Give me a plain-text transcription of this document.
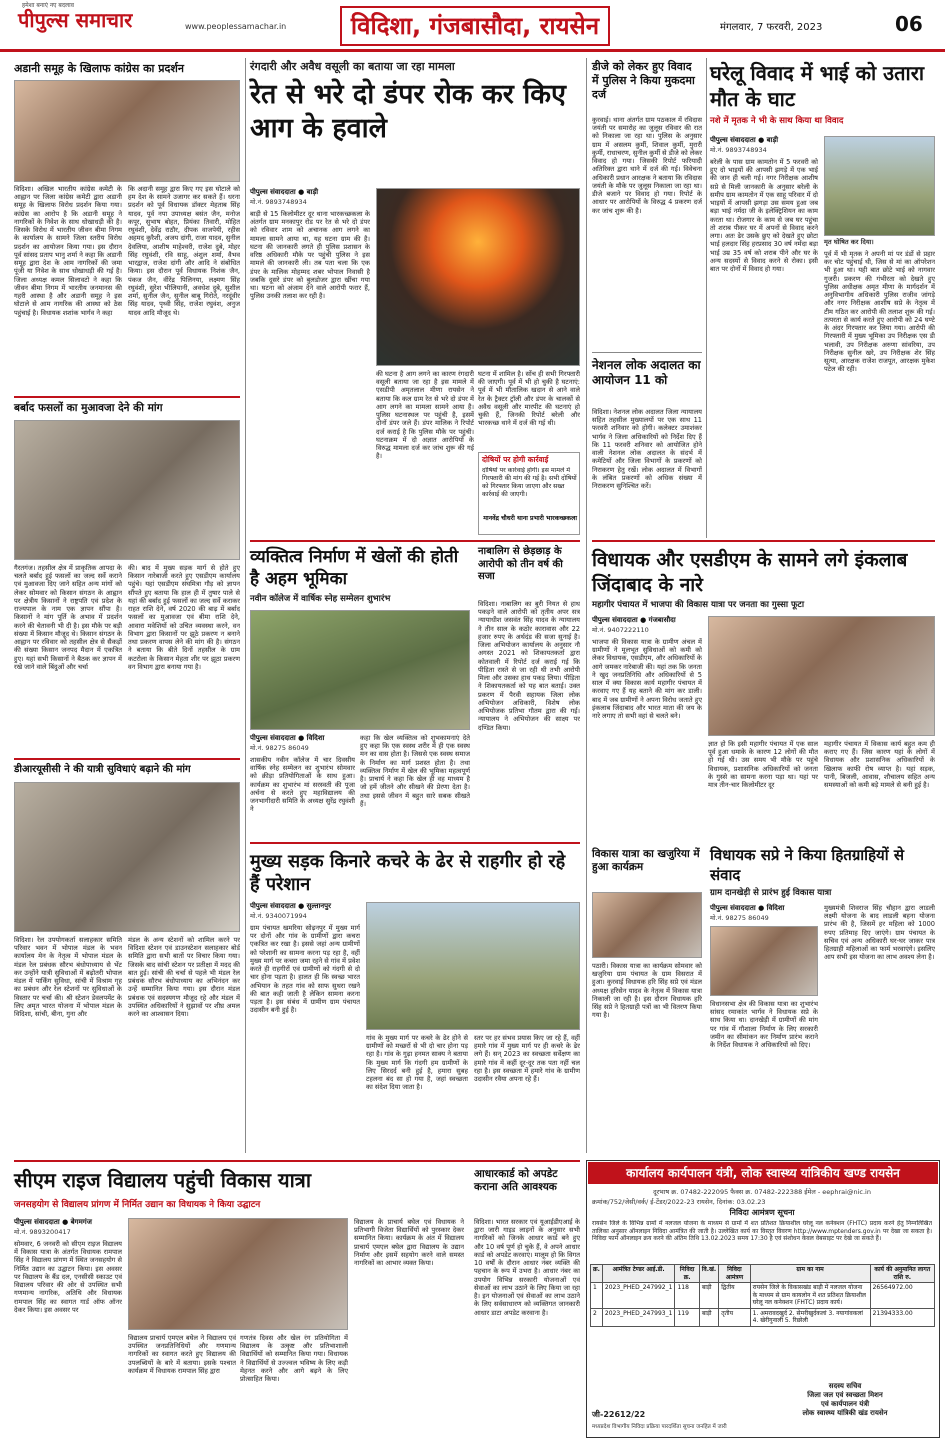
हमेशा बनाएं नए बदलाव
पीपुल्स समाचार	www.peoplessamachar.in	विदिशा, गंजबासौदा, रायसेन	मंगलवार, 7 फरवरी, 2023	06
अडानी समूह के खिलाफ कांग्रेस का प्रदर्शन
विदिशा। अखिल भारतीय कांग्रेस कमेटी के आह्वान पर जिला कांग्रेस कमेटी द्वारा अडानी समूह के खिलाफ विरोध प्रदर्शन किया गया। कांग्रेस का आरोप है कि अडानी समूह ने नागरिकों के निवेश के साथ धोखाधड़ी की है। जिसके विरोध में भारतीय जीवन बीमा निगम के कार्यालय के सामने जिला स्तरीय विरोध प्रदर्शन का आयोजन किया गया। इस दौरान पूर्व सांसद प्रताप भानु शर्मा ने कहा कि अडानी समूह द्वारा देश के आम नागरिकों की जमा पूंजी या निवेश के साथ धोखाधड़ी की गई है। जिला अध्यक्ष कमल सिलावटो ने कहा कि जीवन बीमा निगम में भारतीय जनमानस की गहरी आस्था है और अडानी समूह ने इस घोटाले से आम नागरिक की आस्था को ठेस पहुंचाई है। विधायक शशांक भार्गव ने कहा
कि अदानी समूह द्वारा किए गए इस घोटाले को हम देश के सामने उजागर कर सकते हैं। धरना प्रदर्शन को पूर्व विधायक डॉक्टर मेहताब सिंह यादव, पूर्व नपा उपाध्यक्ष बसंत जैन, मनोज कपूर, सुभाष बोहत, प्रियंका तिवारी, मोहित रघुवंशी, देवेंद्र राठौर, दीपक वाजपेयी, रहीस अहमद कुरैशी, अजय दांगी, राजा यादव, सुनील देवलिया, आशीष माहेश्वरी, राजेश दुबे, मोहर सिंह रघुवंशी, रवि साहू, अंशुल शर्मा, वैभव भारद्वाज, राजेश दांगी और आदि ने संबोधित किया। इस दौरान पूर्व विधायक निशंक जैन, पंकज जैन, वीरेंद्र पिलिनया, लक्ष्मण सिंह रघुवंशी, सुरेश भीलियानी, अवधेश दुबे, सुशील शर्मा, सुनील जैन, सुनील बाबू गिरोते, नरदूंवीर सिंह यादव, पृथ्वी सिंह, राजेश रघुवंश, अनुज यादव आदि मौजूद थे।
बर्बाद फसलों का मुआवजा देने की मांग
गैरतगंज। तहसील क्षेत्र में प्राकृतिक आपदा के चलते बर्बाद हुई फसलों का जल्द सर्वे कराने एवं मुआवजा दिए जाने सहित अन्य मांगों को लेकर सोमवार को किसान संगठन के आह्वान पर क्षेत्रीय किसानों ने राष्ट्रपति एवं प्रदेश के राज्यपाल के नाम एक ज्ञापन सौंपा है। किसानों ने मांग पूर्ति के अभाव में प्रदर्शन करने की चेतावनी भी दी है। इस मौके पर बड़ी संख्या में किसान मौजूद थे। किसान संगठन के आह्वान पर रविवार को तहसील क्षेत्र से सैकड़ों की संख्या किसान जनपद मैदान में एकत्रित हुए। यहां सभी किसानों ने बैठक कर ज्ञापन में रखे जाने वाले बिंदुओं और चर्चा
की। बाद में मुख्य सड़क मार्ग से होते हुए किसान नारेबाजी करते हुए एसडीएम कार्यालय पहुंचे। यहां एसडीएम संघमित्रा गौड़ को ज्ञापन सौंपते हुए बताया कि हाल ही में तुषार पाले से यहां की बर्बाद हुई फसलों का जल्द सर्वे कराकर राहत राशि देने, वर्ष 2020 की बाढ़ में बर्बाद फसलों का मुआवजा एवं बीमा राशि देने, आवारा मवेशियों को उचित व्यवस्था करने, वन विभाग द्वारा किसानों पर झूठे प्रकरण न बनाने तथा प्रकरण वापस लेने की मांग की है। संगठन ने बताया कि बीते दिनों तहसील के ग्राम कटरोला के किसान मेहता शीर पर झूठा प्रकरण वन विभाग द्वारा बनाया गया है।
डीआरयूसीसी ने की यात्री सुविधाएं बढ़ाने की मांग
विदिशा। रेल उपयोगकर्ता सलाहकार समिति परिवार भवन में भोपाल मंडल के भवन कार्यालय मेन के नेतृत्व में भोपाल मंडल के मंडल रेल प्रबंधक सौरभ बंधोपाध्याय से भेंट कर उन्होंने यात्री सुविधाओं में बढ़ोतरी भोपाल मंडल में पार्किंग सुविधा, सांची में विश्राम गृह का प्रबंधन और रेल स्टेशनों पर सुविधाओं के विस्तार पर चर्चा की। श्री स्टेशन डेवलपमेंट के लिए अमृत भारत योजना में भोपाल मंडल के विदिशा, सांची, बीना, गुना और
मंडल के अन्य स्टेशनों को शामिल करने पर विदिशा स्टेशन एवं डाउनस्टेशन सलाहकार बोर्ड समिति द्वारा सभी बातों पर विचार किया गया। जिसके बाद सांची स्टेशन पर प्रतीक्षा में मदद की बात हुई। सांची की चर्चा से पहले भी मंडल रेल प्रबंधक सौरभ बंधोपाध्याय का अभिनंदन कर उन्हें सम्मानित किया गया। इस दौरान मंडल प्रबंधक एवं सदस्यगण मौजूद रहे और मंडल में उपस्थित अधिकारियों ने सुझावों पर शीघ्र अमल करने का आश्वासन दिया।
रंगदारी और अवैध वसूली का बताया जा रहा मामला
रेत से भरे दो डंपर रोक कर किए आग के हवाले
पीपुल्स संवाददाता ● बाड़ी
मो.नं. 9893748934
बाड़ी से 15 किलोमीटर दूर थाना भारकच्छकला के अंतर्गत ग्राम मनकापुर रोड पर रेत से भरे दो डंपर को रविवार शाम को अचानक आग लगने का मामला सामने आया था, यह घटना ग्राम की है। घटना की जानकारी लगते ही पुलिस प्रशासन के वरिष्ठ अधिकारी मौके पर पहुंची पुलिस ने इस मामले की जानकारी ली। तब पता चला कि एक डंपर के मालिक मोहम्मद शबर भोपाल निवासी है जबकि दूसरे डंपर को बुलडोजर द्वारा खींचा गया था। घटना को अंजाम देने वाले आरोपी फरार हैं, पुलिस उनकी तलाश कर रही है।
की घटना है आग लगने का कारण रंगदारी वसूली बताया जा रहा है इस मामले में एसडीपी अमृतलाल मीणा रायसेन ने बताया कि कल ग्राम रेत से भरे दो डंपर में आग लगने का मामला सामने आया है। पुलिस घटनास्थल पर पहुंची है, इसमें दोनों डंपर जले हैं। डंपर मालिक ने रिपोर्ट दर्ज कराई है कि पुलिस मौके पर पहुंची। घटनाक्रम में दो अज्ञात आरोपियों के विरुद्ध मामला दर्ज कर जांच शुरू की गई है।
घटना में शामिल है। सोंच ही सभी गिरफ्तारी की जाएगी। पूर्व में भी हो चुकी है घटनाएं: पूर्व में भी मौतालिक खदान से आने वाले रेत के ट्रैक्टर ट्रॉली और डंपर के चालकों से अवैध वसूली और मारपीट की घटनाएं हो चुकी हैं, जिनकी रिपोर्ट बरेली और भारकच्छ थाने में दर्ज की गई थी।
दोषियों पर होगी कार्रवाई
दोषियों पर कार्रवाई होगी। इस मामले में गिरफ्तारी की मांग की गई है। सभी दोषियों को गिरफ्तार किया जाएगा और सख्त कार्रवाई की जाएगी।
मानवेंद्र चौधरी थाना प्रभारी भारकच्छकला
डीजे को लेकर हुए विवाद में पुलिस ने किया मुकदमा दर्ज
कुरवाई। थाना अंतर्गत ग्राम पठकाल में रविदास जयंती पर समारोह का जुलूस रविवार की रात को निकाला जा रहा था। पुलिस के अनुसार ग्राम में असलम कुर्मी, शिवाल कुर्मी, मुरारी कुर्मी, राधाचरण, सुनील कुर्मी से डीजे को लेकर विवाद हो गया। जिसकी रिपोर्ट फरियादी अतिरिक्त द्वारा थाने में दर्ज की गई। विवेचना अधिकारी प्रधान आरक्षक ने बताया कि रविदास जयंती के मौके पर जुलूस निकाला जा रहा था। डीजे बजाने पर विवाद हो गया। रिपोर्ट के आधार पर आरोपियों के विरुद्ध 4 प्रकरण दर्ज कर जांच शुरू की है।
नेशनल लोक अदालत का आयोजन 11 को
विदिशा। नेशनल लोक अदालत जिला न्यायालय सहित तहसील मुख्यालयों पर एक साथ 11 फरवरी शनिवार को होगी। कलेक्टर उमाशंकर भार्गव ने जिला अधिकारियों को निर्देश दिए हैं कि 11 फरवरी शनिवार को आयोजित होने वाली नेशनल लोक अदालत के संदर्भ में कमेटियों और जिला विभागों के प्रकरणों को निराकरण हेतु रखें। लोक अदालत में विभागों के लंबित प्रकरणों को अधिक संख्या में निराकरण सुनिश्चित करें।
घरेलू विवाद में भाई को उतारा मौत के घाट
नशे में मृतक ने भी के साथ किया था विवाद
पीपुल्स संवाददाता ● बाड़ी
मो.नं. 9893748934
बरेली के पास ग्राम कामतोन में 5 फरवरी को हुए दो भाइयों की आपसी झगड़े में एक भाई की जान ही चली गई। नगर निरीक्षक आशीष सप्रे से मिली जानकारी के अनुसार बरेली के समीप ग्राम कामतोन में एक साहू परिवार में दो भाइयों में आपसी झगड़ा उस समय हुआ जब बड़ा भाई नर्मदा जी के इलेक्ट्रिशियन का काम करता था। रोजगार के काम से जब घर पहुंचा तो शराब पीकर घर में अपनों से विवाद करने लगा। अतः ढेर उसके छुए को देखते हुए छोटा भाई हलदार सिंह हरप्रसाद 30 वर्ष नर्मदा बड़ा भाई उम्र 35 वर्ष को शराब पीने और घर के अन्य सदस्यों से विवाद करने से रोका। इसी बात पर दोनों में विवाद हो गया।
मृत घोषित कर दिया।
पूर्व में भी मृतक ने अपनी मां पर डंडों से प्रहार कर चोट पहुंचाई थी, जिस से मां का ऑपरेशन भी हुआ था। यही बात छोटे भाई को नागवार गुजरी। प्रकरण की गंभीरता को देखते हुए पुलिस अधीक्षक अमृत मीणा के मार्गदर्शन में अनुविभागीय अधिकारी पुलिस राजीव जांगड़े और नगर निरीक्षक आशीष सप्रे के नेतृत्व में टीम गठित कर आरोपी की तलाश शुरू की गई। तत्परता से कार्य करते हुए आरोपी को 24 घण्टे के अंदर गिरफ्तार कर लिया गया। आरोपी की गिरफ्तारी में मुख्य भूमिका उप निरीक्षक एस डी भलावी, उप निरीक्षक अरुणा सांवरिया, उप निरीक्षक सुनील खरे, उप निरीक्षक शेर सिंह सूत्या, आरक्षक राजेश राजपूत, आरक्षक मुकेश पटेल की रही।
व्यक्तित्व निर्माण में खेलों की होती है अहम भूमिका
नवीन कॉलेज में वार्षिक स्नेह सम्मेलन शुभारंभ
पीपुल्स संवाददाता ● विदिशा
मो.नं. 98275 86049
शासकीय नवीन कॉलेज में चार दिवसीय वार्षिक स्नेह सम्मेलन का शुभारंभ सोमवार को क्रीड़ा प्रतियोगिताओं के साथ हुआ। कार्यक्रम का शुभारंभ मां सरस्वती की पूजा अर्चना से करते हुए महाविद्यालय की जनभागीदारी समिति के अध्यक्ष सुरेंद्र रघुवंशी ने
कहा कि खेल व्यक्तित्व को शुभकामनाएं देते हुए कहा कि एक स्वस्थ शरीर में ही एक स्वस्थ मन का वास होता है। जिससे एक स्वस्थ समाज के निर्माण का मार्ग प्रशस्त होता है। तथा व्यक्तित्व निर्माण में खेल की भूमिका महत्वपूर्ण है। प्राचार्य ने कहा कि खेल ही वह माध्यम है जो हमें जीतने और सीखने की प्रेरणा देता है। तथा इससे जीवन में बहुत सारे सबक सीखते हैं।
नाबालिग से छेड़छाड़ के आरोपी को तीन वर्ष की सजा
विदिशा। नाबालिग का बुरी नियत से हाथ पकड़ने वाले आरोपी को तृतीय अपर सत्र न्यायाधीश जसवंत सिंह यादव के न्यायालय ने तीन साल के कठोर कारावास और 22 हजार रुपए के अर्थदंड की सजा सुनाई है। जिला अभियोजन कार्यालय के अनुसार नौ अगस्त 2021 को शिकायतकर्ता द्वारा कोतवाली में रिपोर्ट दर्ज कराई गई कि पीड़िता रास्ते से जा रही थी तभी आरोपी मिला और उसका हाथ पकड़ लिया। पीड़िता ने शिकायतकर्ता को यह बात बताई। उक्त प्रकरण में पैरवी सहायक जिला लोक अभियोजन अधिकारी, विशेष लोक अभियोजक प्रतिभा गौतम द्वारा की गई। न्यायालय ने अभियोजन की साक्ष्य पर दण्डित किया।
विधायक और एसडीएम के सामने लगे इंकलाब जिंदाबाद के नारे
महागीर पंचायत में भाजपा की विकास यात्रा पर जनता का गुस्सा फूटा
पीपुल्स संवाददाता ● गंजबासौदा
मो.नं. 9407222110
भाजपा की विकास यात्रा के ग्रामीण अंचल में ग्रामीणों ने मूलभूत सुविधाओं को कमी को लेकर विधायक, एसडीएम, और अधिकारियों के आगे जमकर नारेबाजी की। यहां तक कि जनता ने खुद जनप्रतिनिधि और अधिकारियों से 5 साल में क्या विकास कार्य महागीर पंचायत में करवाए गए हैं यह बताने की मांग कर डाली। बाद में जब ग्रामीणों ने अपना विरोध जताते हुए इंकलाब जिंदाबाद और भारत माता की जय के नारे लगाए तो सभी वहां से चलते बने।
ज्ञात हो कि इसी महागीर पंचायत में एक साल पूर्व हुआ धमाके के कारण 12 लोगों की मौत हो गई थी। उस समय भी मौके पर पहुंचे विधायक, प्रशासनिक अधिकारियों को जनता के गुस्से का सामना करना पड़ा था। यहां पर मात्र तीन-चार किलोमीटर दूर
महागीर पंचायत में विकास कार्य बहुत कम ही कराए गए हैं। जिस कारण यहां के लोगों में विधायक और प्रशासनिक अधिकारियों के खिलाफ काफी रोष व्याप्त है। यहां सड़क, पानी, बिजली, आवास, शौचालय सहित अन्य समस्याओं को कमी बड़े मामले से बनी हुई है।
मुख्य सड़क किनारे कचरे के ढेर से राहगीर हो रहे हैं परेशान
पीपुल्स संवाददाता ● सुल्तानपुर
मो.नं. 9340071994
ग्राम पंचायत खमरिया सोढ़नपुर में मुख्य मार्ग पर दोनों और गांव के ग्रामीणों द्वारा कचरा एकत्रित कर रखा है। इससे जहां अन्य ग्रामीणों को परेशानी का सामना करना पड़ रहा है, वहीं मुख्य मार्ग पर कचरा जमा रहने से गांव में प्रवेश करते ही राहगीरों एवं ग्रामीणों को गंदगी से दो चार होना पड़ता है। हालत ही कि स्वच्छ भारत अभियान के तहत गांव को साफ सुथरा रखने की बात कही जाती है लेकिन सामना करना पड़ता है। इस संबंध में ग्रामीण ग्राम पंचायत उदासीन बनी हुई है।
गांव के मुख्य मार्ग पर कचरे के ढेर होने से ग्रामीणों को मच्छरों से भी दो चार होना पड़ रहा है। गांव के गुढ़ा हनमत साक्य ने बताया कि मुख्य मार्ग कि गंदगी हम ग्रामीणों के लिए सिरदर्द बनी हुई है, हमारा सुबह टहलना बंद सा हो गया है, जहां स्वच्छता का संदेश दिया जाता है।
स्तर पर हर संभव प्रयास किए जा रहे हैं, वहीं हमारे गांव में मुख्य मार्ग पर ही कचरे के ढेर लगे हैं। सन् 2023 का स्वच्छता सर्वेक्षण का हमारे गांव में कहीं दूर-दूर तक पता नहीं चल रहा है। इस स्वच्छता में हमारे गांव के ग्रामीण उदासीन रवैया अपना रहे हैं।
विकास यात्रा का खजुरिया में हुआ कार्यक्रम
पठारी। विकास यात्रा का कार्यक्रम सोमवार को खजुरिया ग्राम पंचायत के ग्राम विसरात में हुआ। कुरवाई विधायक हरि सिंह सप्रे एवं मंडल अध्यक्ष हरिसेन यादव के नेतृत्व में विकास यात्रा निकाली जा रही है। इस दौरान विधायक हरि सिंह सप्रे ने हितग्राही पत्रों का भी वितरण किया गया है।
विधायक सप्रे ने किया हितग्राहियों से संवाद
ग्राम दानखेड़ी से प्रारंभ हुई विकास यात्रा
पीपुल्स संवाददाता ● विदिशा
मो.नं. 98275 86049
विधानसभा क्षेत्र की विकास यात्रा का शुभारंभ सांसद रमाकांत भार्गव ने विधायक सप्रे के साथ किया था। दानखेड़ी में ग्रामीणों की मांग पर गांव में गौशाला निर्माण के लिए सरकारी जमीन का सीमांकन कर निर्माण प्रारंभ कराने के निर्देश विधायक ने अधिकारियों को दिए।
मुख्यमंत्री शिवराज सिंह चौहान द्वारा लाडली लक्ष्मी योजना के बाद लाडली बहना योजना प्रारंभ की है, जिसमें हर महिला को 1000 रुपए प्रतिमाह दिए जाएंगे। ग्राम पंचायत के सचिव एवं अन्य अधिकारी घर-घर जाकर पात्र हितग्राही महिलाओं का फार्म भरवाएंगे। इसलिए आप सभी इस योजना का लाभ अवश्य लेना है।
सीएम राइज विद्यालय पहुंची विकास यात्रा
जनसहयोग से विद्यालय प्रांगण में निर्मित उद्यान का विधायक ने किया उद्घाटन
पीपुल्स संवाददाता ● बेगमगंज
मो.नं. 9893200417
सोमवार, 6 जनवरी को सीएम राइज विद्यालय में विकास यात्रा के अंतर्गत विधायक रामपाल सिंह ने विद्यालय प्रांगण में स्थित जनसहयोग से निर्मित उद्यान का उद्घाटन किया। इस अवसर पर विद्यालय के बैंड दल, एनसीसी स्काउट एवं विद्यालय परिवार की ओर से उपस्थित सभी गणमान्य नागरिक, अतिथि और विधायक रामपाल सिंह का स्वागत गार्ड ऑफ ऑनर देकर किया। इस अवसर पर
विद्यालय प्राचार्य एमएल बघेल ने विद्यालय एवं उपस्थित जनप्रतिनिधियों और गणमान्य नागरिकों का स्वागत करते हुए विद्यालय की उपलब्धियों के बारे में बताया। इसके पश्चात कार्यक्रम में विधायक रामपाल सिंह द्वारा
गणतंत्र दिवस और खेल रंग प्रतियोगिता में विद्यालय के उत्कृष्ट और प्रतिभाशाली विद्यार्थियों को सम्मानित किया गया। विधायक ने विद्यार्थियों से उज्ज्वल भविष्य के लिए कड़ी मेहनत करने और आगे बढ़ने के लिए प्रोत्साहित किया।
विद्यालय के प्राचार्य बघेल एवं विधायक ने प्रतिभागी विजेता विद्यार्थियों को पुरस्कार देकर सम्मानित किया। कार्यक्रम के अंत में विद्यालय प्राचार्य एमएल बघेल द्वारा विद्यालय के उद्यान निर्माण और इसमें सहयोग करने वाले समस्त नागरिकों का आभार व्यक्त किया।
आधारकार्ड को अपडेट कराना अति आवश्यक
विदिशा। भारत सरकार एवं यूआईडीएआई के द्वारा जारी गाइड लाइनों के अनुसार सभी नागरिकों को जिनके आधार कार्ड बने हुए और 10 वर्ष पूर्ण हो चुके हैं, वे अपने आधार कार्ड को अपडेट करवाएं। मालूम हो कि विगत 10 वर्षों के दौरान आधार नंबर व्यक्ति की पहचान के रूप में उभरा है। आधार नंबर का उपयोग विभिन्न सरकारी योजनाओं एवं सेवाओं का लाभ उठाने के लिए किया जा रहा है। इन योजनाओं एवं सेवाओं का लाभ उठाने के लिए सर्वसाधारण को व्यक्तिगत जानकारी आधार डाटा अपडेट करवाना है।
कार्यालय कार्यपालन यंत्री, लोक स्वास्थ्य यांत्रिकीय खण्ड रायसेन
दूरभाष क्र. 07482-222095 फैक्स क्र. 07482-222388 ईमेल - eephrai@nic.in
क्रमांक/752/जेसी/वर्क/ ई-टेंडर/2022-23 रायसेन, दिनांक: 03.02.23
निविदा आमंत्रण सूचना
रायसेन जिले के विभिन्न ग्रामों में नलजल योजना के माध्यम से ग्रामों में शत प्रतिशत क्रियाशील घरेलू नल कनेक्शन (FHTC) प्रदाय करने हेतु निम्नलिखित तालिका अनुसार ऑनलाइन निविदा आमंत्रित की जाती है। उल्लेखित कार्य का विस्तृत विवरण http://www.mptenders.gov.in पर देखा जा सकता है। निविदा फार्म ऑनलाइन क्रय करने की अंतिम तिथि 13.02.2023 समय 17:30 है एवं संशोधन केवल वेबसाइट पर देखे जा सकते हैं।
क्र.	आमंत्रित टेण्डर आई.डी.	निविदा क्र.	वि.खं.	निविदा आमंत्रण	ग्राम का नाम	कार्य की अनुमानित लागत राशि रु.
1	2023_PHED_247992_1	118	बाड़ी	द्वितीय	रायसेन जिले के विकासखंड बाड़ी में नलजल योजना के माध्यम से ग्राम कायलोन में शत प्रतिशत क्रियाशील घरेलू नल कनेक्शन (FHTC) प्रदाय कार्य।	26564972.00
2	2023_PHED_247993_1	119	बाड़ी	तृतीय	1. अमरावदखुर्द 2. सेमरीखुर्दकलां 3. नयागांवकलां 4. खेरीगुनाली 5. रिछोली	21394333.00
सदस्य सचिव
जिला जल एवं स्वच्छता मिशन
एवं कार्यपालन यंत्री
लोक स्वास्थ्य यांत्रिकी खंड रायसेन
जी-22612/22
मध्यप्रदेश विभागीय निविदा प्रक्रिया पारदर्शिता सूचना जनहित में जारी
